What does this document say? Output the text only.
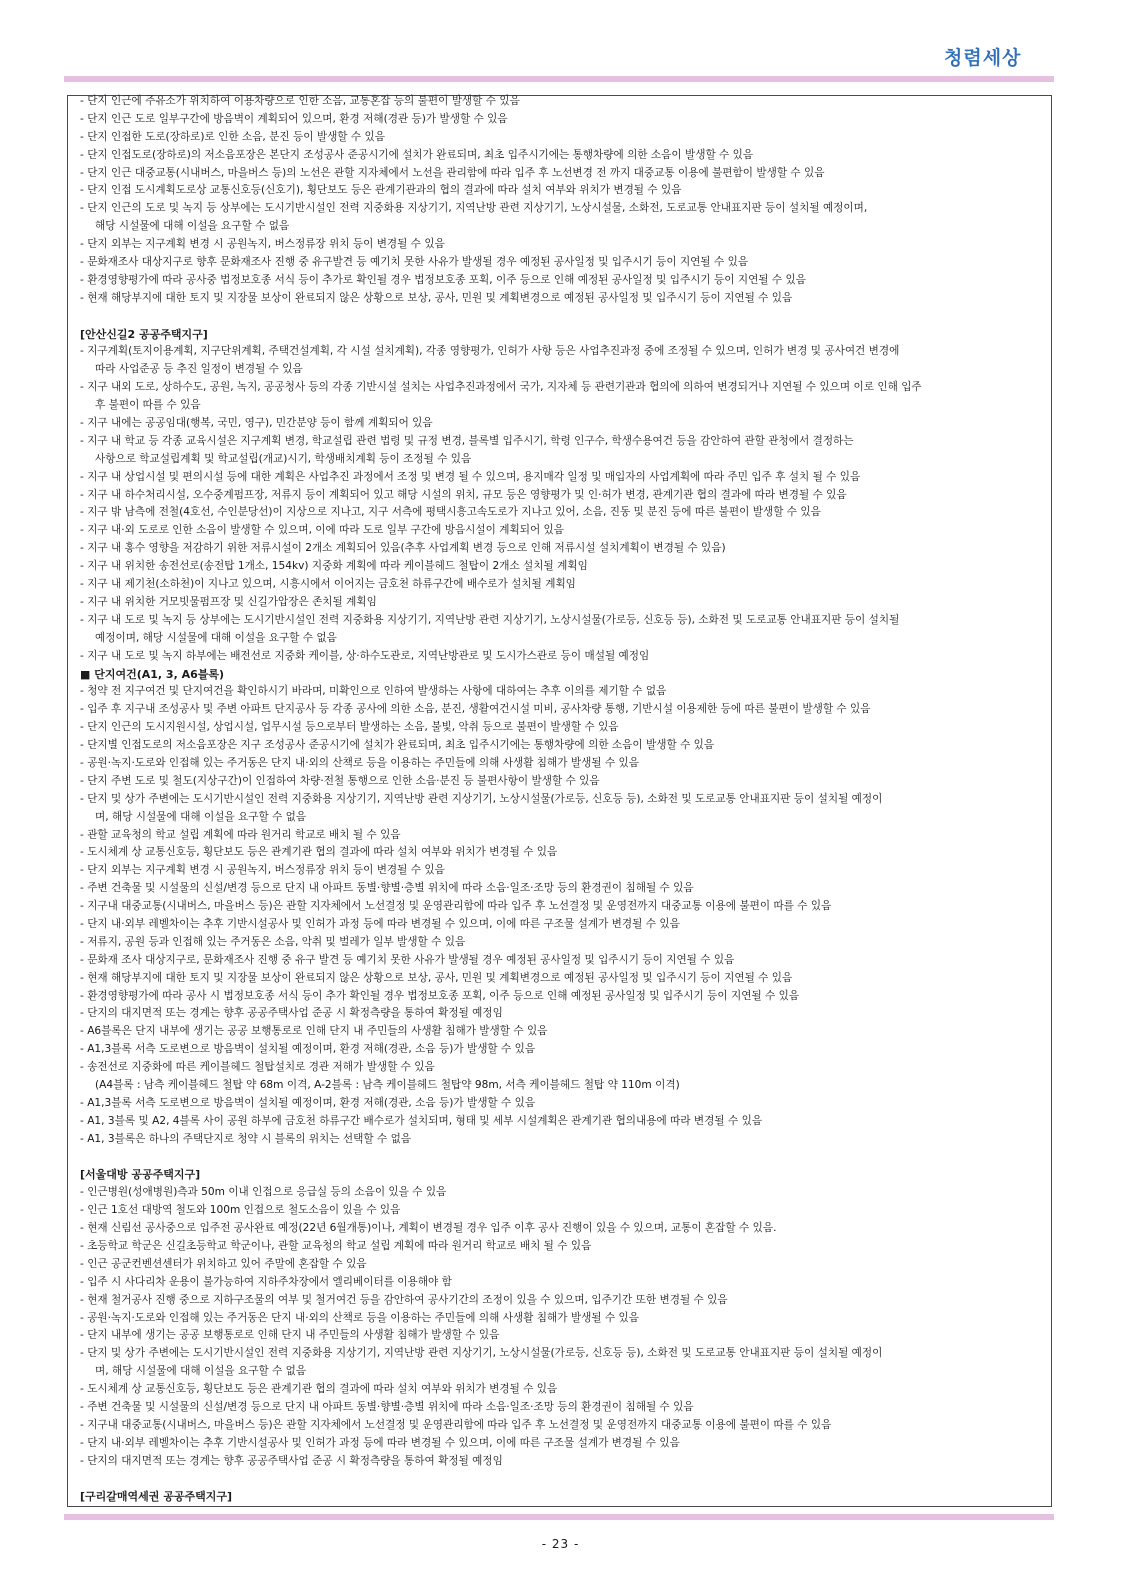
청렴세상
- 단지 인근에 주유소가 위치하여 이용차량으로 인한 소음, 교통혼잡 등의 불편이 발생할 수 있음
- 단지 인근 도로 일부구간에 방음벽이 계획되어 있으며, 환경 저해(경관 등)가 발생할 수 있음
- 단지 인접한 도로(장하로)로 인한 소음, 분진 등이 발생할 수 있음
- 단지 인접도로(장하로)의 저소음포장은 본단지 조성공사 준공시기에 설치가 완료되며, 최초 입주시기에는 통행차량에 의한 소음이 발생할 수 있음
- 단지 인근 대중교통(시내버스, 마을버스 등)의 노선은 관할 지자체에서 노선을 관리함에 따라 입주 후 노선변경 전 까지 대중교통 이용에 불편함이 발생할 수 있음
- 단지 인접 도시계획도로상 교통신호등(신호기), 횡단보도 등은 관계기관과의 협의 결과에 따라 설치 여부와 위치가 변경될 수 있음
- 단지 인근의 도로 및 녹지 등 상부에는 도시기반시설인 전력 지중화용 지상기기, 지역난방 관련 지상기기, 노상시설물, 소화전, 도로교통 안내표지판 등이 설치될 예정이며,
해당 시설물에 대해 이설을 요구할 수 없음
- 단지 외부는 지구계획 변경 시 공원녹지, 버스정류장 위치 등이 변경될 수 있음
- 문화재조사 대상지구로 향후 문화재조사 진행 중 유구발견 등 예기치 못한 사유가 발생될 경우 예정된 공사일정 및 입주시기 등이 지연될 수 있음
- 환경영향평가에 따라 공사중 법정보호종 서식 등이 추가로 확인될 경우 법정보호종 포획, 이주 등으로 인해 예정된 공사일정 및 입주시기 등이 지연될 수 있음
- 현재 해당부지에 대한 토지 및 지장물 보상이 완료되지 않은 상황으로 보상, 공사, 민원 및 계획변경으로 예정된 공사일정 및 입주시기 등이 지연될 수 있음
[안산신길2 공공주택지구]
- 지구계획(토지이용계획, 지구단위계획, 주택건설계획, 각 시설 설치계획), 각종 영향평가, 인허가 사항 등은 사업추진과정 중에 조정될 수 있으며, 인허가 변경 및 공사여건 변경에
따라 사업준공 등 추진 일정이 변경될 수 있음
- 지구 내외 도로, 상하수도, 공원, 녹지, 공공청사 등의 각종 기반시설 설치는 사업추진과정에서 국가, 지자체 등 관련기관과 협의에 의하여 변경되거나 지연될 수 있으며 이로 인해 입주
후 불편이 따를 수 있음
- 지구 내에는 공공임대(행복, 국민, 영구), 민간분양 등이 함께 계획되어 있음
- 지구 내 학교 등 각종 교육시설은 지구계획 변경, 학교설립 관련 법령 및 규정 변경, 블록별 입주시기, 학령 인구수, 학생수용여건 등을 감안하여 관할 관청에서 결정하는
사항으로 학교설립계획 및 학교설립(개교)시기, 학생배치계획 등이 조정될 수 있음
- 지구 내 상업시설 및 편의시설 등에 대한 계획은 사업추진 과정에서 조정 및 변경 될 수 있으며, 용지매각 일정 및 매입자의 사업계획에 따라 주민 입주 후 설치 될 수 있음
- 지구 내 하수처리시설, 오수중계펌프장, 저류지 등이 계획되어 있고 해당 시설의 위치, 규모 등은 영향평가 및 인·허가 변경, 관계기관 협의 결과에 따라 변경될 수 있음
- 지구 밖 남측에 전철(4호선, 수인분당선)이 지상으로 지나고, 지구 서측에 평택시흥고속도로가 지나고 있어, 소음, 진동 및 분진 등에 따른 불편이 발생할 수 있음
- 지구 내·외 도로로 인한 소음이 발생할 수 있으며, 이에 따라 도로 일부 구간에 방음시설이 계획되어 있음
- 지구 내 홍수 영향을 저감하기 위한 저류시설이 2개소 계획되어 있음(추후 사업계획 변경 등으로 인해 저류시설 설치계획이 변경될 수 있음)
- 지구 내 위치한 송전선로(송전탑 1개소, 154kv) 지중화 계획에 따라 케이블헤드 철탑이 2개소 설치될 계획임
- 지구 내 제기천(소하천)이 지나고 있으며, 시흥시에서 이어지는 금호천 하류구간에 배수로가 설치될 계획임
- 지구 내 위치한 거모빗물펌프장 및 신길가압장은 존치될 계획임
- 지구 내 도로 및 녹지 등 상부에는 도시기반시설인 전력 지중화용 지상기기, 지역난방 관련 지상기기, 노상시설물(가로등, 신호등 등), 소화전 및 도로교통 안내표지판 등이 설치될
예정이며, 해당 시설물에 대해 이설을 요구할 수 없음
- 지구 내 도로 및 녹지 하부에는 배전선로 지중화 케이블, 상·하수도관로, 지역난방관로 및 도시가스관로 등이 매설될 예정임
■ 단지여건(A1, 3, A6블록)
- 청약 전 지구여건 및 단지여건을 확인하시기 바라며, 미확인으로 인하여 발생하는 사항에 대하여는 추후 이의를 제기할 수 없음
- 입주 후 지구내 조성공사 및 주변 아파트 단지공사 등 각종 공사에 의한 소음, 분진, 생활여건시설 미비, 공사차량 통행, 기반시설 이용제한 등에 따른 불편이 발생할 수 있음
- 단지 인근의 도시지원시설, 상업시설, 업무시설 등으로부터 발생하는 소음, 불빛, 악취 등으로 불편이 발생할 수 있음
- 단지별 인접도로의 저소음포장은 지구 조성공사 준공시기에 설치가 완료되며, 최초 입주시기에는 통행차량에 의한 소음이 발생할 수 있음
- 공원·녹지·도로와 인접해 있는 주거동은 단지 내·외의 산책로 등을 이용하는 주민들에 의해 사생활 침해가 발생될 수 있음
- 단지 주변 도로 및 철도(지상구간)이 인접하여 차량·전철 통행으로 인한 소음·분진 등 불편사항이 발생할 수 있음
- 단지 및 상가 주변에는 도시기반시설인 전력 지중화용 지상기기, 지역난방 관련 지상기기, 노상시설물(가로등, 신호등 등), 소화전 및 도로교통 안내표지판 등이 설치될 예정이
며, 해당 시설물에 대해 이설을 요구할 수 없음
- 관할 교육청의 학교 설립 계획에 따라 원거리 학교로 배치 될 수 있음
- 도시체계 상 교통신호등, 횡단보도 등은 관계기관 협의 결과에 따라 설치 여부와 위치가 변경될 수 있음
- 단지 외부는 지구계획 변경 시 공원녹지, 버스정류장 위치 등이 변경될 수 있음
- 주변 건축물 및 시설물의 신설/변경 등으로 단지 내 아파트 동별·향별·층별 위치에 따라 소음·일조·조망 등의 환경권이 침해될 수 있음
- 지구내 대중교통(시내버스, 마을버스 등)은 관할 지자체에서 노선결정 및 운영관리함에 따라 입주 후 노선결정 및 운영전까지 대중교통 이용에 불편이 따를 수 있음
- 단지 내·외부 레벨차이는 추후 기반시설공사 및 인허가 과정 등에 따라 변경될 수 있으며, 이에 따른 구조물 설계가 변경될 수 있음
- 저류지, 공원 등과 인접해 있는 주거동은 소음, 악취 및 벌레가 일부 발생할 수 있음
- 문화재 조사 대상지구로, 문화재조사 진행 중 유구 발견 등 예기치 못한 사유가 발생될 경우 예정된 공사일정 및 입주시기 등이 지연될 수 있음
- 현재 해당부지에 대한 토지 및 지장물 보상이 완료되지 않은 상황으로 보상, 공사, 민원 및 계획변경으로 예정된 공사일정 및 입주시기 등이 지연될 수 있음
- 환경영향평가에 따라 공사 시 법정보호종 서식 등이 추가 확인될 경우 법정보호종 포획, 이주 등으로 인해 예정된 공사일정 및 입주시기 등이 지연될 수 있음
- 단지의 대지면적 또는 경계는 향후 공공주택사업 준공 시 확정측량을 통하여 확정될 예정임
- A6블록은 단지 내부에 생기는 공공 보행통로로 인해 단지 내 주민들의 사생활 침해가 발생할 수 있음
- A1,3블록 서측 도로변으로 방음벽이 설치될 예정이며, 환경 저해(경관, 소음 등)가 발생할 수 있음
- 송전선로 지중화에 따른 케이블헤드 철탑설치로 경관 저해가 발생할 수 있음
(A4블록 : 남측 케이블헤드 철탑 약 68m 이격, A-2블록 : 남측 케이블헤드 철탑약 98m, 서측 케이블헤드 철탑 약 110m 이격)
- A1,3블록 서측 도로변으로 방음벽이 설치될 예정이며, 환경 저해(경관, 소음 등)가 발생할 수 있음
- A1, 3블록 및 A2, 4블록 사이 공원 하부에 금호천 하류구간 배수로가 설치되며, 형태 및 세부 시설계획은 관계기관 협의내용에 따라 변경될 수 있음
- A1, 3블록은 하나의 주택단지로 청약 시 블록의 위치는 선택할 수 없음
[서울대방 공공주택지구]
- 인근병원(성애병원)측과 50m 이내 인접으로 응급실 등의 소음이 있을 수 있음
- 인근 1호선 대방역 철도와 100m 인접으로 철도소음이 있을 수 있음
- 현재 신림선 공사중으로 입주전 공사완료 예정(22년 6월개통)이나, 계획이 변경될 경우 입주 이후 공사 진행이 있을 수 있으며, 교통이 혼잡할 수 있음.
- 초등학교 학군은 신길초등학교 학군이나, 관할 교육청의 학교 설립 계획에 따라 원거리 학교로 배치 될 수 있음
- 인근 공군컨벤션센터가 위치하고 있어 주말에 혼잡할 수 있음
- 입주 시 사다리차 운용이 불가능하여 지하주차장에서 엘리베이터를 이용해야 함
- 현재 철거공사 진행 중으로 지하구조물의 여부 및 철거여건 등을 감안하여 공사기간의 조정이 있을 수 있으며, 입주기간 또한 변경될 수 있음
- 공원·녹지·도로와 인접해 있는 주거동은 단지 내·외의 산책로 등을 이용하는 주민들에 의해 사생활 침해가 발생될 수 있음
- 단지 내부에 생기는 공공 보행통로로 인해 단지 내 주민들의 사생활 침해가 발생할 수 있음
- 단지 및 상가 주변에는 도시기반시설인 전력 지중화용 지상기기, 지역난방 관련 지상기기, 노상시설물(가로등, 신호등 등), 소화전 및 도로교통 안내표지판 등이 설치될 예정이
며, 해당 시설물에 대해 이설을 요구할 수 없음
- 도시체계 상 교통신호등, 횡단보도 등은 관계기관 협의 결과에 따라 설치 여부와 위치가 변경될 수 있음
- 주변 건축물 및 시설물의 신설/변경 등으로 단지 내 아파트 동별·향별·층별 위치에 따라 소음·일조·조망 등의 환경권이 침해될 수 있음
- 지구내 대중교통(시내버스, 마을버스 등)은 관할 지자체에서 노선결정 및 운영관리함에 따라 입주 후 노선결정 및 운영전까지 대중교통 이용에 불편이 따를 수 있음
- 단지 내·외부 레벨차이는 추후 기반시설공사 및 인허가 과정 등에 따라 변경될 수 있으며, 이에 따른 구조물 설계가 변경될 수 있음
- 단지의 대지면적 또는 경계는 향후 공공주택사업 준공 시 확정측량을 통하여 확정될 예정임
[구리갈매역세권 공공주택지구]
- 23 -
